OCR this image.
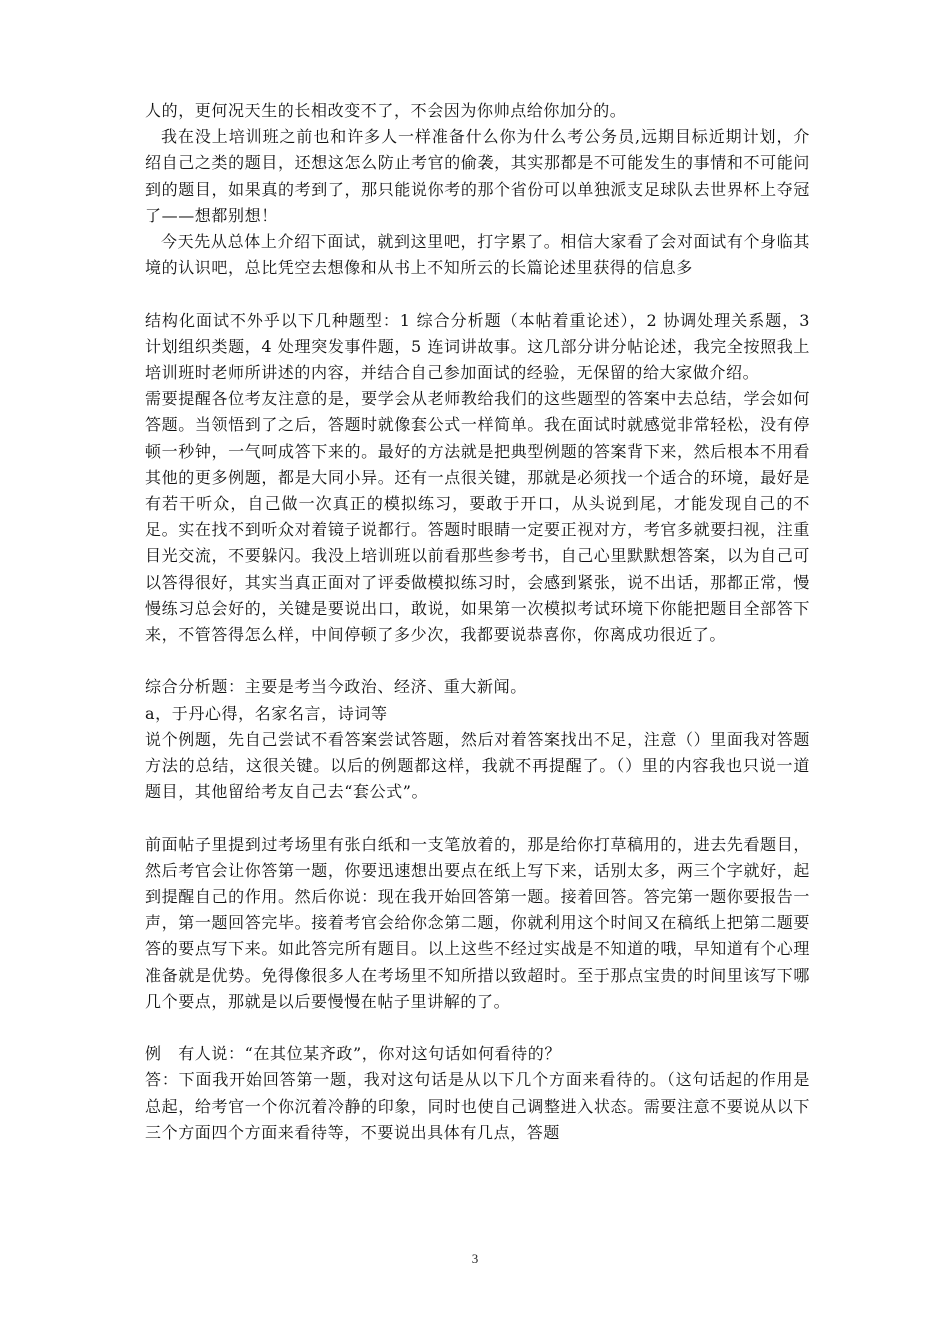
人的，更何况天生的长相改变不了，不会因为你帅点给你加分的。

我在没上培训班之前也和许多人一样准备什么你为什么考公务员,远期目标近期计划，介绍自己之类的题目，还想这怎么防止考官的偷袭，其实那都是不可能发生的事情和不可能问到的题目，如果真的考到了，那只能说你考的那个省份可以单独派支足球队去世界杯上夺冠了——想都别想！

今天先从总体上介绍下面试，就到这里吧，打字累了。相信大家看了会对面试有个身临其境的认识吧，总比凭空去想像和从书上不知所云的长篇论述里获得的信息多

结构化面试不外乎以下几种题型：1 综合分析题（本帖着重论述），2 协调处理关系题，3 计划组织类题，4 处理突发事件题，5 连词讲故事。这几部分讲分帖论述，我完全按照我上培训班时老师所讲述的内容，并结合自己参加面试的经验，无保留的给大家做介绍。

需要提醒各位考友注意的是，要学会从老师教给我们的这些题型的答案中去总结，学会如何答题。当领悟到了之后，答题时就像套公式一样简单。我在面试时就感觉非常轻松，没有停顿一秒钟，一气呵成答下来的。最好的方法就是把典型例题的答案背下来，然后根本不用看其他的更多例题，都是大同小异。还有一点很关键，那就是必须找一个适合的环境，最好是有若干听众，自己做一次真正的模拟练习，要敢于开口，从头说到尾，才能发现自己的不足。实在找不到听众对着镜子说都行。答题时眼睛一定要正视对方，考官多就要扫视，注重目光交流，不要躲闪。我没上培训班以前看那些参考书，自己心里默默想答案，以为自己可以答得很好，其实当真正面对了评委做模拟练习时，会感到紧张，说不出话，那都正常，慢慢练习总会好的，关键是要说出口，敢说，如果第一次模拟考试环境下你能把题目全部答下来，不管答得怎么样，中间停顿了多少次，我都要说恭喜你，你离成功很近了。

综合分析题：主要是考当今政治、经济、重大新闻。

a，于丹心得，名家名言，诗词等

说个例题，先自己尝试不看答案尝试答题，然后对着答案找出不足，注意（）里面我对答题方法的总结，这很关键。以后的例题都这样，我就不再提醒了。（）里的内容我也只说一道题目，其他留给考友自己去“套公式”。

前面帖子里提到过考场里有张白纸和一支笔放着的，那是给你打草稿用的，进去先看题目，然后考官会让你答第一题，你要迅速想出要点在纸上写下来，话别太多，两三个字就好，起到提醒自己的作用。然后你说：现在我开始回答第一题。接着回答。答完第一题你要报告一声，第一题回答完毕。接着考官会给你念第二题，你就利用这个时间又在稿纸上把第二题要答的要点写下来。如此答完所有题目。以上这些不经过实战是不知道的哦，早知道有个心理准备就是优势。免得像很多人在考场里不知所措以致超时。至于那点宝贵的时间里该写下哪几个要点，那就是以后要慢慢在帖子里讲解的了。

例　有人说：“在其位某齐政”，你对这句话如何看待的？

答：下面我开始回答第一题，我对这句话是从以下几个方面来看待的。（这句话起的作用是总起，给考官一个你沉着冷静的印象，同时也使自己调整进入状态。需要注意不要说从以下三个方面四个方面来看待等，不要说出具体有几点，答题

3
